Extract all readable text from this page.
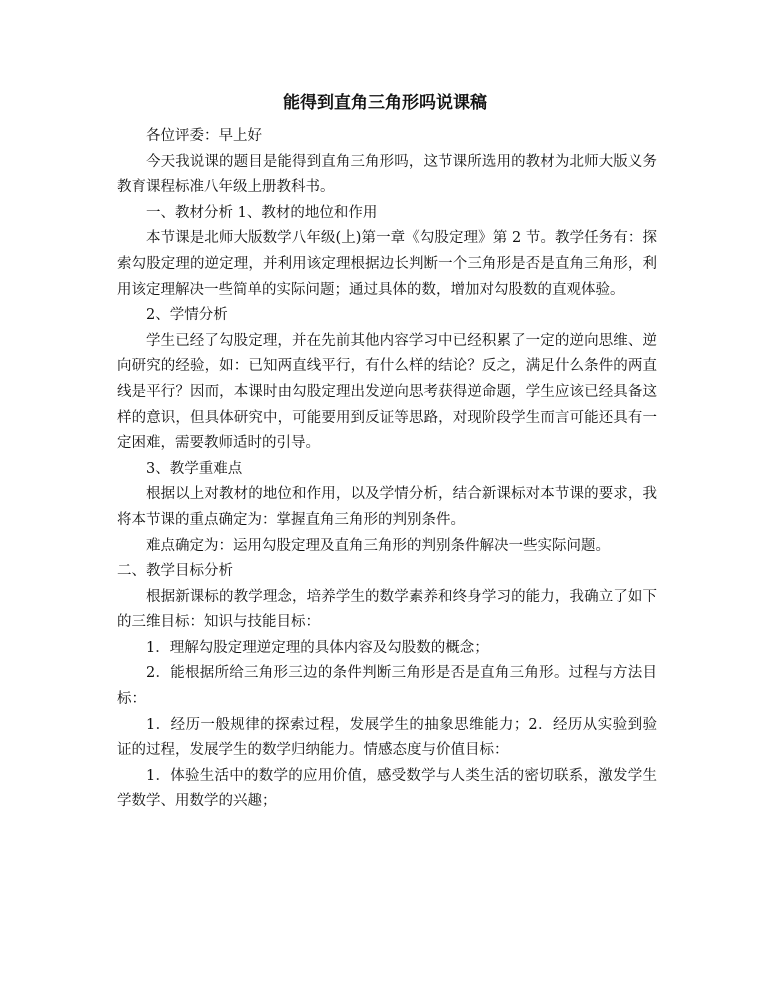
能得到直角三角形吗说课稿

各位评委：早上好

今天我说课的题目是能得到直角三角形吗，这节课所选用的教材为北师大版义务教育课程标准八年级上册教科书。

一、教材分析 1、教材的地位和作用

本节课是北师大版数学八年级(上)第一章《勾股定理》第 2 节。教学任务有：探索勾股定理的逆定理，并利用该定理根据边长判断一个三角形是否是直角三角形，利用该定理解决一些简单的实际问题；通过具体的数，增加对勾股数的直观体验。

2、学情分析

学生已经了勾股定理，并在先前其他内容学习中已经积累了一定的逆向思维、逆向研究的经验，如：已知两直线平行，有什么样的结论？反之，满足什么条件的两直线是平行？因而，本课时由勾股定理出发逆向思考获得逆命题，学生应该已经具备这样的意识，但具体研究中，可能要用到反证等思路，对现阶段学生而言可能还具有一定困难，需要教师适时的引导。

3、教学重难点

根据以上对教材的地位和作用，以及学情分析，结合新课标对本节课的要求，我将本节课的重点确定为：掌握直角三角形的判别条件。

难点确定为：运用勾股定理及直角三角形的判别条件解决一些实际问题。

二、教学目标分析

根据新课标的教学理念，培养学生的数学素养和终身学习的能力，我确立了如下的三维目标：知识与技能目标：

1．理解勾股定理逆定理的具体内容及勾股数的概念；

2．能根据所给三角形三边的条件判断三角形是否是直角三角形。过程与方法目标：

1．经历一般规律的探索过程，发展学生的抽象思维能力；2．经历从实验到验证的过程，发展学生的数学归纳能力。情感态度与价值目标：

1．体验生活中的数学的应用价值，感受数学与人类生活的密切联系，激发学生学数学、用数学的兴趣；
